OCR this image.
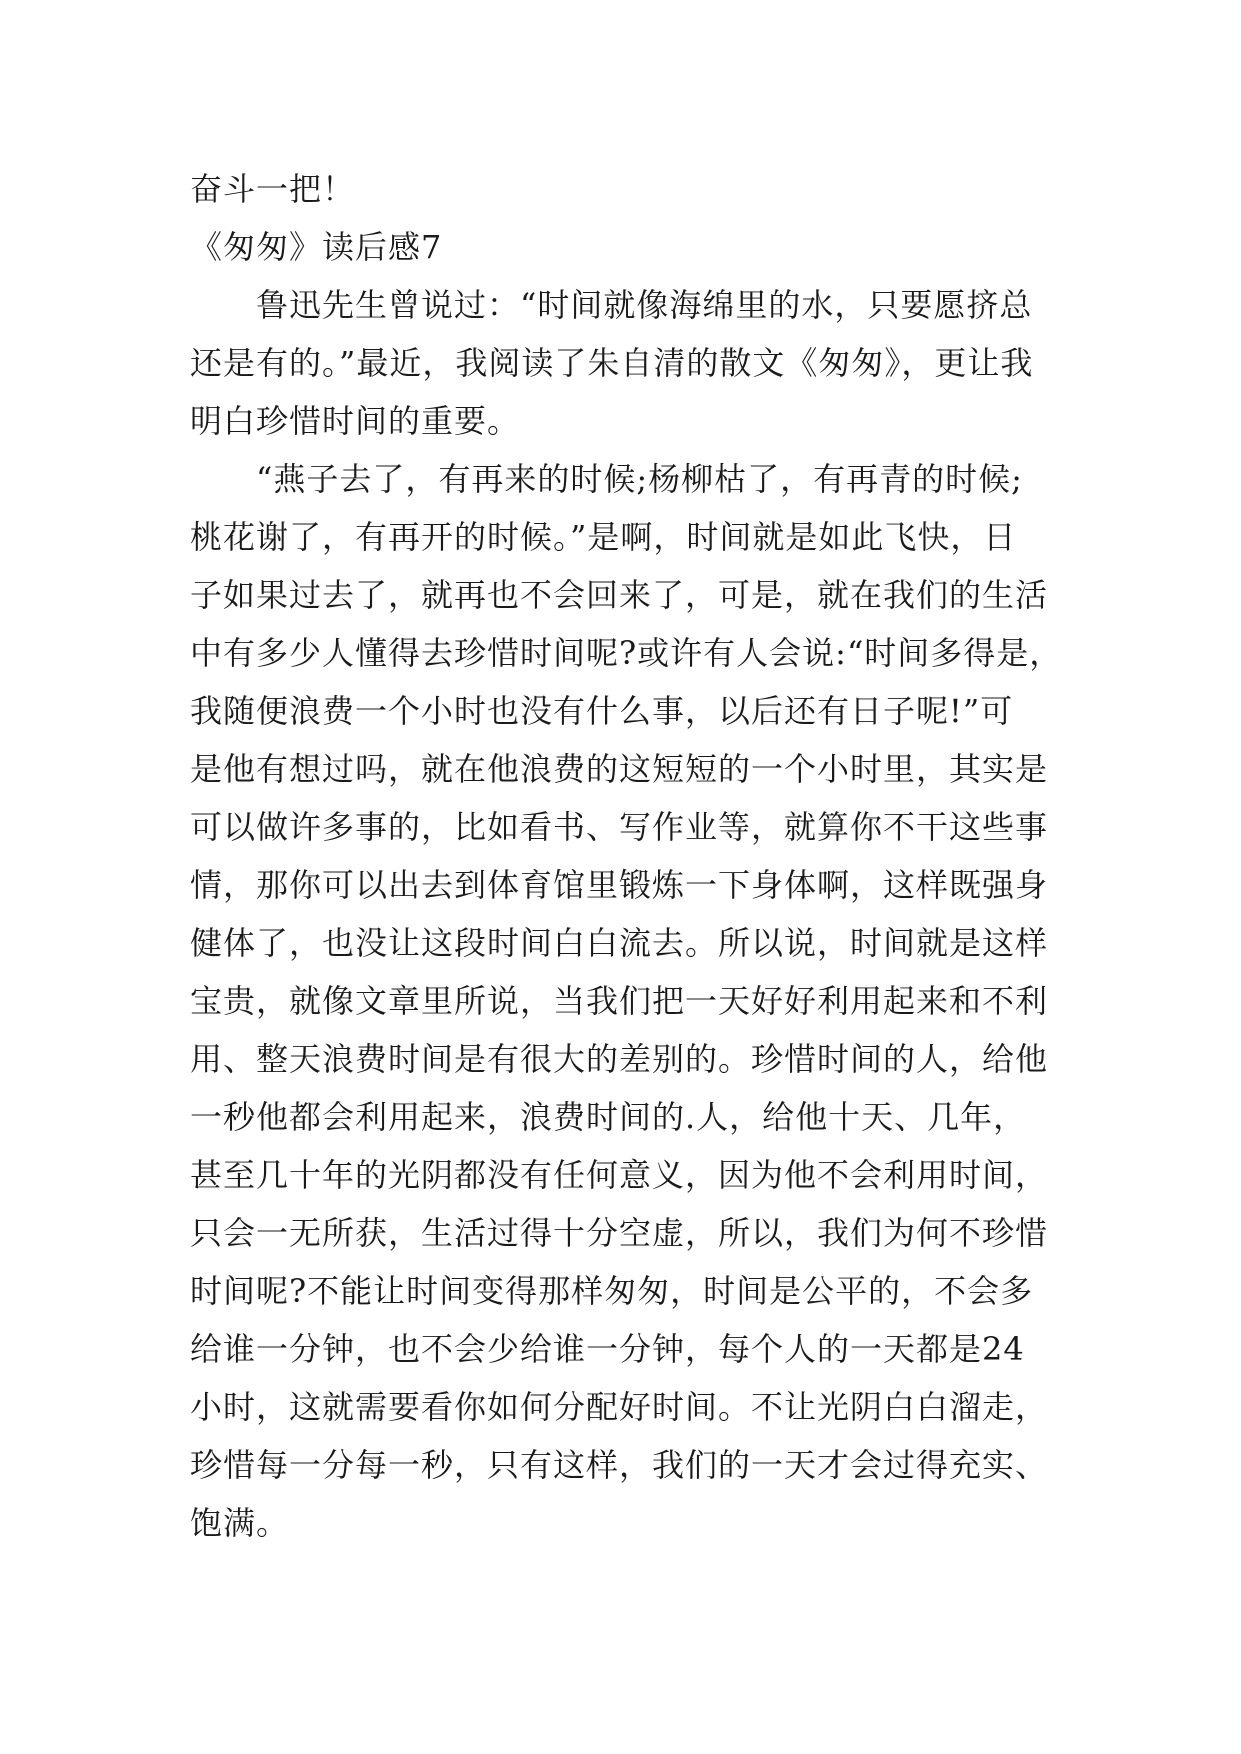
奋斗一把！
《匆匆》读后感7
　　鲁迅先生曾说过：“时间就像海绵里的水，只要愿挤总
还是有的。”最近，我阅读了朱自清的散文《匆匆》，更让我
明白珍惜时间的重要。
　　“燕子去了，有再来的时候;杨柳枯了，有再青的时候;
桃花谢了，有再开的时候。”是啊，时间就是如此飞快，日
子如果过去了，就再也不会回来了，可是，就在我们的生活
中有多少人懂得去珍惜时间呢?或许有人会说:“时间多得是，
我随便浪费一个小时也没有什么事，以后还有日子呢!”可
是他有想过吗，就在他浪费的这短短的一个小时里，其实是
可以做许多事的，比如看书、写作业等，就算你不干这些事
情，那你可以出去到体育馆里锻炼一下身体啊，这样既强身
健体了，也没让这段时间白白流去。所以说，时间就是这样
宝贵，就像文章里所说，当我们把一天好好利用起来和不利
用、整天浪费时间是有很大的差别的。珍惜时间的人，给他
一秒他都会利用起来，浪费时间的.人，给他十天、几年，
甚至几十年的光阴都没有任何意义，因为他不会利用时间，
只会一无所获，生活过得十分空虚，所以，我们为何不珍惜
时间呢?不能让时间变得那样匆匆，时间是公平的，不会多
给谁一分钟，也不会少给谁一分钟，每个人的一天都是24
小时，这就需要看你如何分配好时间。不让光阴白白溜走，
珍惜每一分每一秒，只有这样，我们的一天才会过得充实、
饱满。
